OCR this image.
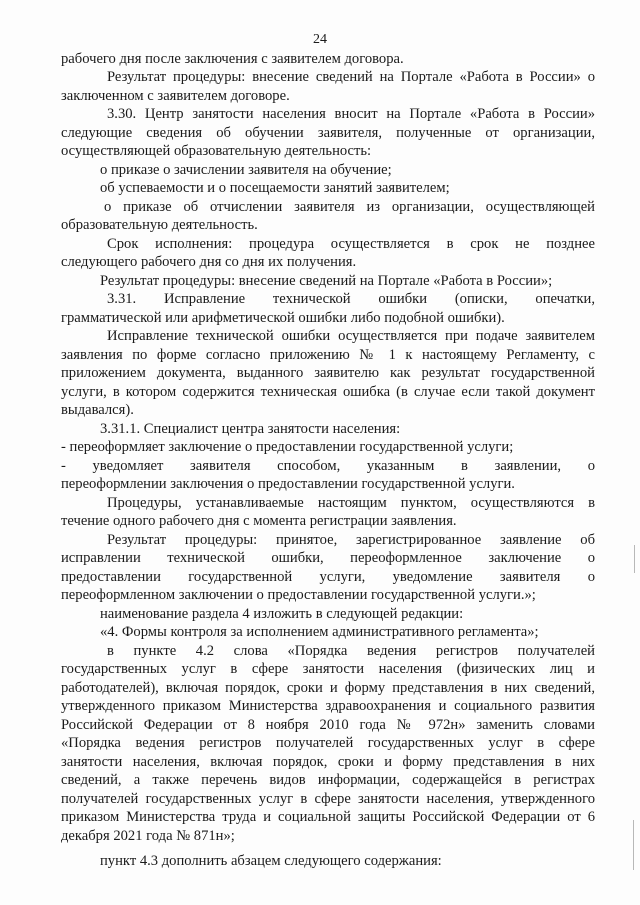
24
рабочего дня после заключения с заявителем договора.
Результат процедуры: внесение сведений на Портале «Работа в России» о
заключенном с заявителем договоре.
3.30. Центр занятости населения вносит на Портале «Работа в России»
следующие сведения об обучении заявителя, полученные от организации,
осуществляющей образовательную деятельность:
о приказе о зачислении заявителя на обучение;
об успеваемости и о посещаемости занятий заявителем;
о приказе об отчислении заявителя из организации, осуществляющей
образовательную деятельность.
Срок исполнения: процедура осуществляется в срок не позднее
следующего рабочего дня со дня их получения.
Результат процедуры: внесение сведений на Портале «Работа в России»;
3.31. Исправление технической ошибки (описки, опечатки,
грамматической или арифметической ошибки либо подобной ошибки).
Исправление технической ошибки осуществляется при подаче заявителем
заявления по форме согласно приложению № 1 к настоящему Регламенту, с
приложением документа, выданного заявителю как результат государственной
услуги, в котором содержится техническая ошибка (в случае если такой документ
выдавался).
3.31.1. Специалист центра занятости населения:
- переоформляет заключение о предоставлении государственной услуги;
- уведомляет заявителя способом, указанным в заявлении, о
переоформлении заключения о предоставлении государственной услуги.
Процедуры, устанавливаемые настоящим пунктом, осуществляются в
течение одного рабочего дня с момента регистрации заявления.
Результат процедуры: принятое, зарегистрированное заявление об
исправлении технической ошибки, переоформленное заключение о
предоставлении государственной услуги, уведомление заявителя о
переоформленном заключении о предоставлении государственной услуги.»;
наименование раздела 4 изложить в следующей редакции:
«4. Формы контроля за исполнением административного регламента»;
в пункте 4.2 слова «Порядка ведения регистров получателей
государственных услуг в сфере занятости населения (физических лиц и
работодателей), включая порядок, сроки и форму представления в них сведений,
утвержденного приказом Министерства здравоохранения и социального развития
Российской Федерации от 8 ноября 2010 года № 972н» заменить словами
«Порядка ведения регистров получателей государственных услуг в сфере
занятости населения, включая порядок, сроки и форму представления в них
сведений, а также перечень видов информации, содержащейся в регистрах
получателей государственных услуг в сфере занятости населения, утвержденного
приказом Министерства труда и социальной защиты Российской Федерации от 6
декабря 2021 года № 871н»;
пункт 4.3 дополнить абзацем следующего содержания:
